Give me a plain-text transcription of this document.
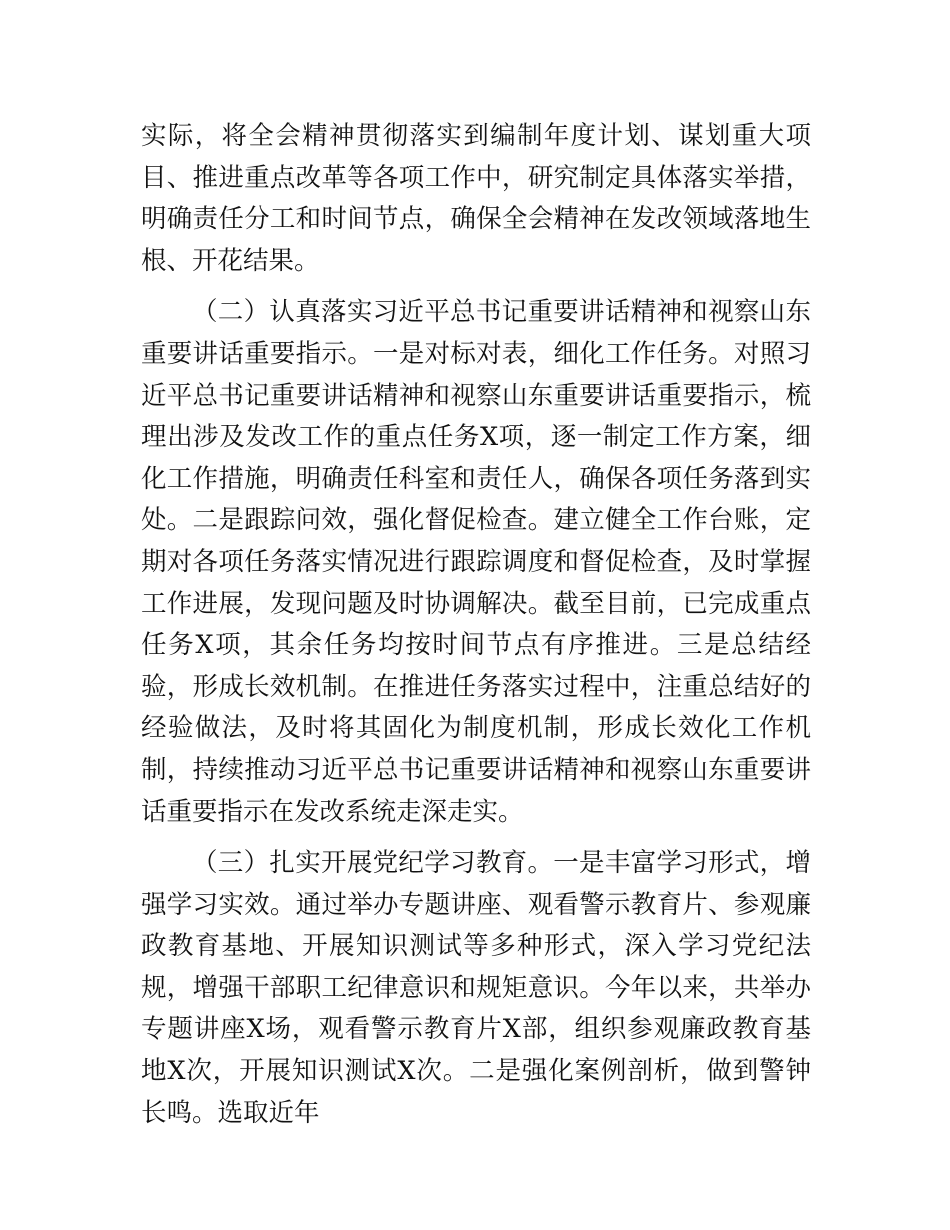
实际，将全会精神贯彻落实到编制年度计划、谋划重大项目、推进重点改革等各项工作中，研究制定具体落实举措，明确责任分工和时间节点，确保全会精神在发改领域落地生根、开花结果。

（二）认真落实习近平总书记重要讲话精神和视察山东重要讲话重要指示。一是对标对表，细化工作任务。对照习近平总书记重要讲话精神和视察山东重要讲话重要指示，梳理出涉及发改工作的重点任务X项，逐一制定工作方案，细化工作措施，明确责任科室和责任人，确保各项任务落到实处。二是跟踪问效，强化督促检查。建立健全工作台账，定期对各项任务落实情况进行跟踪调度和督促检查，及时掌握工作进展，发现问题及时协调解决。截至目前，已完成重点任务X项，其余任务均按时间节点有序推进。三是总结经验，形成长效机制。在推进任务落实过程中，注重总结好的经验做法，及时将其固化为制度机制，形成长效化工作机制，持续推动习近平总书记重要讲话精神和视察山东重要讲话重要指示在发改系统走深走实。

（三）扎实开展党纪学习教育。一是丰富学习形式，增强学习实效。通过举办专题讲座、观看警示教育片、参观廉政教育基地、开展知识测试等多种形式，深入学习党纪法规，增强干部职工纪律意识和规矩意识。今年以来，共举办专题讲座X场，观看警示教育片X部，组织参观廉政教育基地X次，开展知识测试X次。二是强化案例剖析，做到警钟长鸣。选取近年
